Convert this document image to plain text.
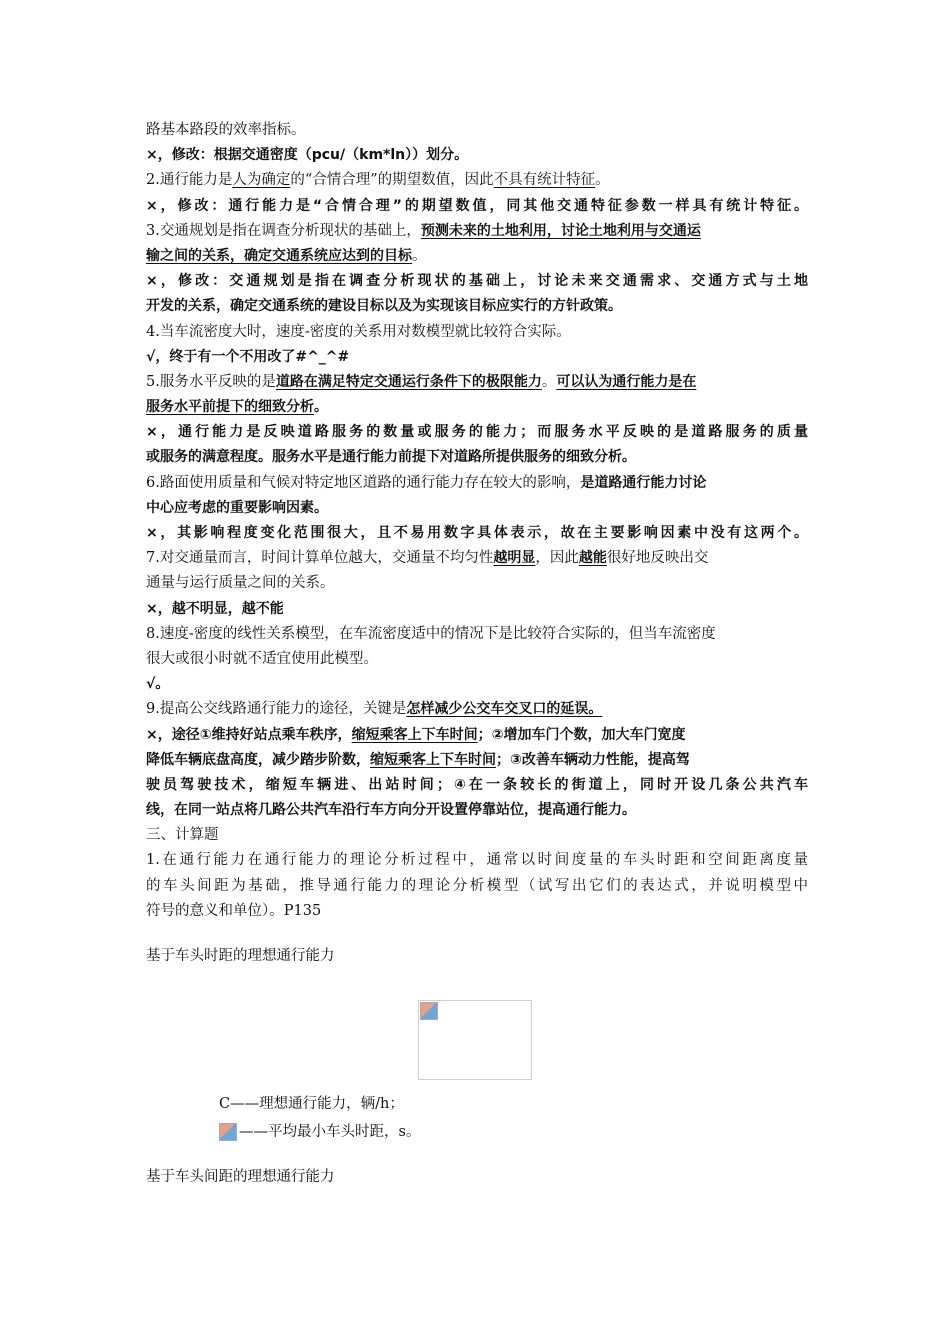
路基本路段的效率指标。
×，修改：根据交通密度（pcu/（km*ln））划分。
2.通行能力是人为确定的“合情合理”的期望数值，因此不具有统计特征。
×，修改：通行能力是“合情合理”的期望数值，同其他交通特征参数一样具有统计特征。
3.交通规划是指在调查分析现状的基础上，预测未来的土地利用，讨论土地利用与交通运
输之间的关系，确定交通系统应达到的目标。
×，修改：交通规划是指在调查分析现状的基础上，讨论未来交通需求、交通方式与土地
开发的关系，确定交通系统的建设目标以及为实现该目标应实行的方针政策。
4.当车流密度大时，速度-密度的关系用对数模型就比较符合实际。
√，终于有一个不用改了#^_^#
5.服务水平反映的是道路在满足特定交通运行条件下的极限能力。可以认为通行能力是在
服务水平前提下的细致分析。
×，通行能力是反映道路服务的数量或服务的能力；而服务水平反映的是道路服务的质量
或服务的满意程度。服务水平是通行能力前提下对道路所提供服务的细致分析。
6.路面使用质量和气候对特定地区道路的通行能力存在较大的影响，是道路通行能力讨论
中心应考虑的重要影响因素。
×，其影响程度变化范围很大，且不易用数字具体表示，故在主要影响因素中没有这两个。
7.对交通量而言，时间计算单位越大，交通量不均匀性越明显，因此越能很好地反映出交
通量与运行质量之间的关系。
×，越不明显，越不能
8.速度-密度的线性关系模型，在车流密度适中的情况下是比较符合实际的，但当车流密度
很大或很小时就不适宜使用此模型。
√。
9.提高公交线路通行能力的途径，关键是怎样减少公交车交叉口的延误。
×，途径①维持好站点乘车秩序，缩短乘客上下车时间；②增加车门个数，加大车门宽度
降低车辆底盘高度，减少踏步阶数，缩短乘客上下车时间；③改善车辆动力性能，提高驾
驶员驾驶技术，缩短车辆进、出站时间；④在一条较长的街道上，同时开设几条公共汽车
线，在同一站点将几路公共汽车沿行车方向分开设置停靠站位，提高通行能力。
三、计算题
1.在通行能力在通行能力的理论分析过程中，通常以时间度量的车头时距和空间距离度量
的车头间距为基础，推导通行能力的理论分析模型（试写出它们的表达式，并说明模型中
符号的意义和单位）。P135
基于车头时距的理想通行能力
C——理想通行能力，辆/h；
——平均最小车头时距，s。
基于车头间距的理想通行能力
